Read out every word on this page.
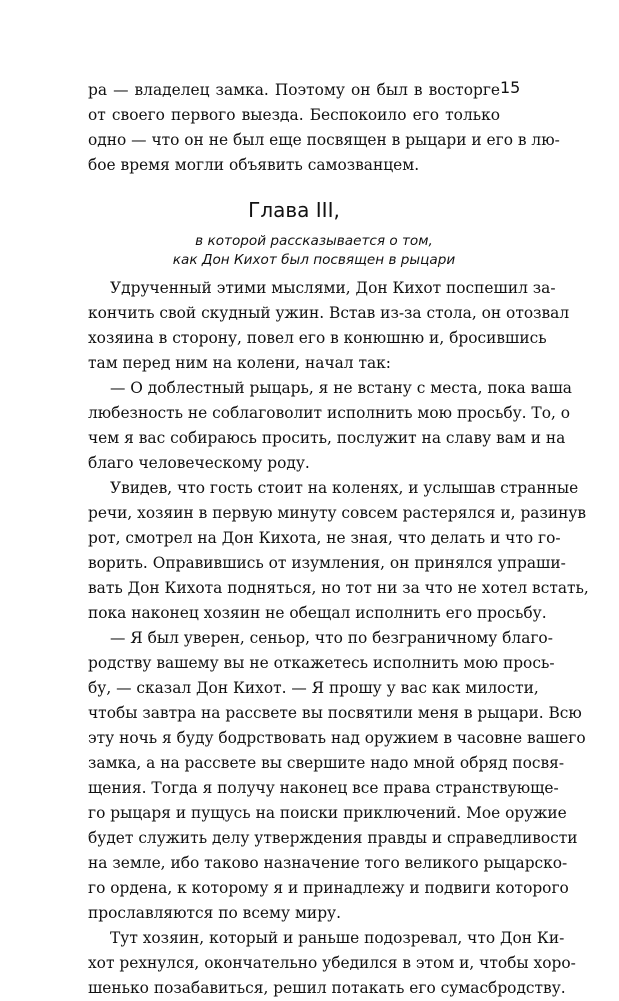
15
ра — владелец замка. Поэтому он был в восторге
от своего первого выезда. Беспокоило его только
одно — что он не был еще посвящен в рыцари и его в лю-
бое время могли объявить самозванцем.
Глава III,
в которой рассказывается о том,
как Дон Кихот был посвящен в рыцари
Удрученный этими мыслями, Дон Кихот поспешил за-
кончить свой скудный ужин. Встав из-за стола, он отозвал
хозяина в сторону, повел его в конюшню и, бросившись
там перед ним на колени, начал так:
— О доблестный рыцарь, я не встану с места, пока ваша
любезность не соблаговолит исполнить мою просьбу. То, о
чем я вас собираюсь просить, послужит на славу вам и на
благо человеческому роду.
Увидев, что гость стоит на коленях, и услышав странные
речи, хозяин в первую минуту совсем растерялся и, разинув
рот, смотрел на Дон Кихота, не зная, что делать и что го-
ворить. Оправившись от изумления, он принялся упраши-
вать Дон Кихота подняться, но тот ни за что не хотел встать,
пока наконец хозяин не обещал исполнить его просьбу.
— Я был уверен, сеньор, что по безграничному благо-
родству вашему вы не откажетесь исполнить мою прось-
бу, — сказал Дон Кихот. — Я прошу у вас как милости,
чтобы завтра на рассвете вы посвятили меня в рыцари. Всю
эту ночь я буду бодрствовать над оружием в часовне вашего
замка, а на рассвете вы свершите надо мной обряд посвя-
щения. Тогда я получу наконец все права странствующе-
го рыцаря и пущусь на поиски приключений. Мое оружие
будет служить делу утверждения правды и справедливости
на земле, ибо таково назначение того великого рыцарско-
го ордена, к которому я и принадлежу и подвиги которого
прославляются по всему миру.
Тут хозяин, который и раньше подозревал, что Дон Ки-
хот рехнулся, окончательно убедился в этом и, чтобы хоро-
шенько позабавиться, решил потакать его сумасбродству.
